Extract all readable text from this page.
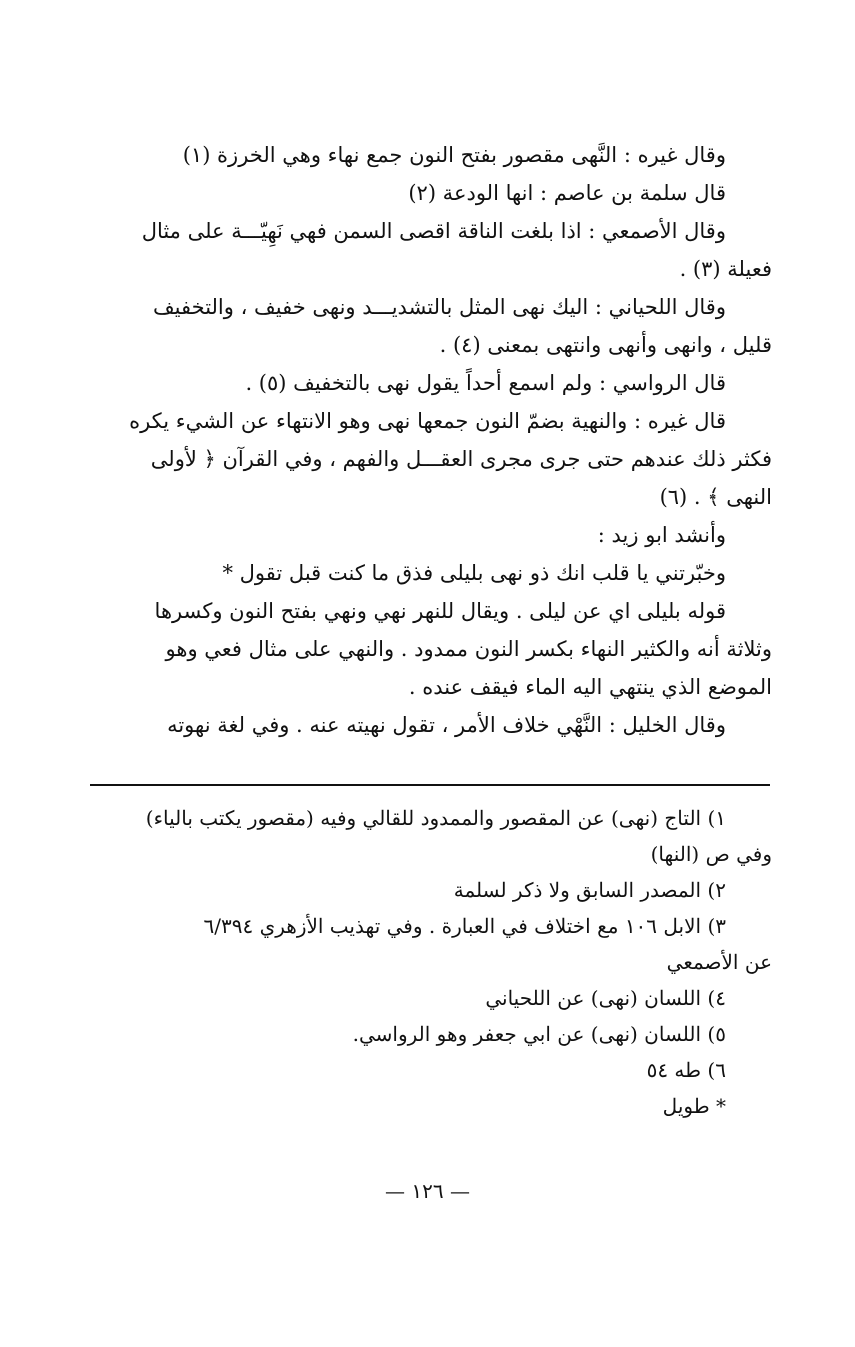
وقال غيره : النَّهى مقصور بفتح النون جمع نهاء وهي الخرزة (١)
قال سلمة بن عاصم : انها الودعة (٢)
وقال الأصمعي : اذا بلغت الناقة اقصى السمن فهي نَهِيّـــة على مثال
فعيلة (٣) .
وقال اللحياني : اليك نهى المثل بالتشديـــد ونهى خفيف ، والتخفيف
قليل ، وانهى وأنهى وانتهى بمعنى (٤) .
قال الرواسي : ولم اسمع أحداً يقول نهى بالتخفيف (٥) .
قال غيره : والنهية بضمّ النون جمعها نهى وهو الانتهاء عن الشيء يكره
فكثر ذلك عندهم حتى جرى مجرى العقـــل والفهم ، وفي القرآن ﴿ لأولى
النهى ﴾ . (٦)
وأنشد ابو زيد :
وخبّرتني يا قلب انك ذو نهى بليلى فذق ما كنت قبل تقول *
قوله بليلى اي عن ليلى . ويقال للنهر نهي ونهي بفتح النون وكسرها
وثلاثة أنه والكثير النهاء بكسر النون ممدود . والنهي على مثال فعي وهو
الموضع الذي ينتهي اليه الماء فيقف عنده .
وقال الخليل : النَّهْي خلاف الأمر ، تقول نهيته عنه . وفي لغة نهوته
١) التاج (نهى) عن المقصور والممدود للقالي وفيه (مقصور يكتب بالياء)
وفي ص (النها)
٢) المصدر السابق ولا ذكر لسلمة
٣) الابل ١٠٦ مع اختلاف في العبارة . وفي تهذيب الأزهري ٦/٣٩٤
عن الأصمعي
٤) اللسان (نهى) عن اللحياني
٥) اللسان (نهى) عن ابي جعفر وهو الرواسي.
٦) طه ٥٤
* طويل
— ١٢٦ —
